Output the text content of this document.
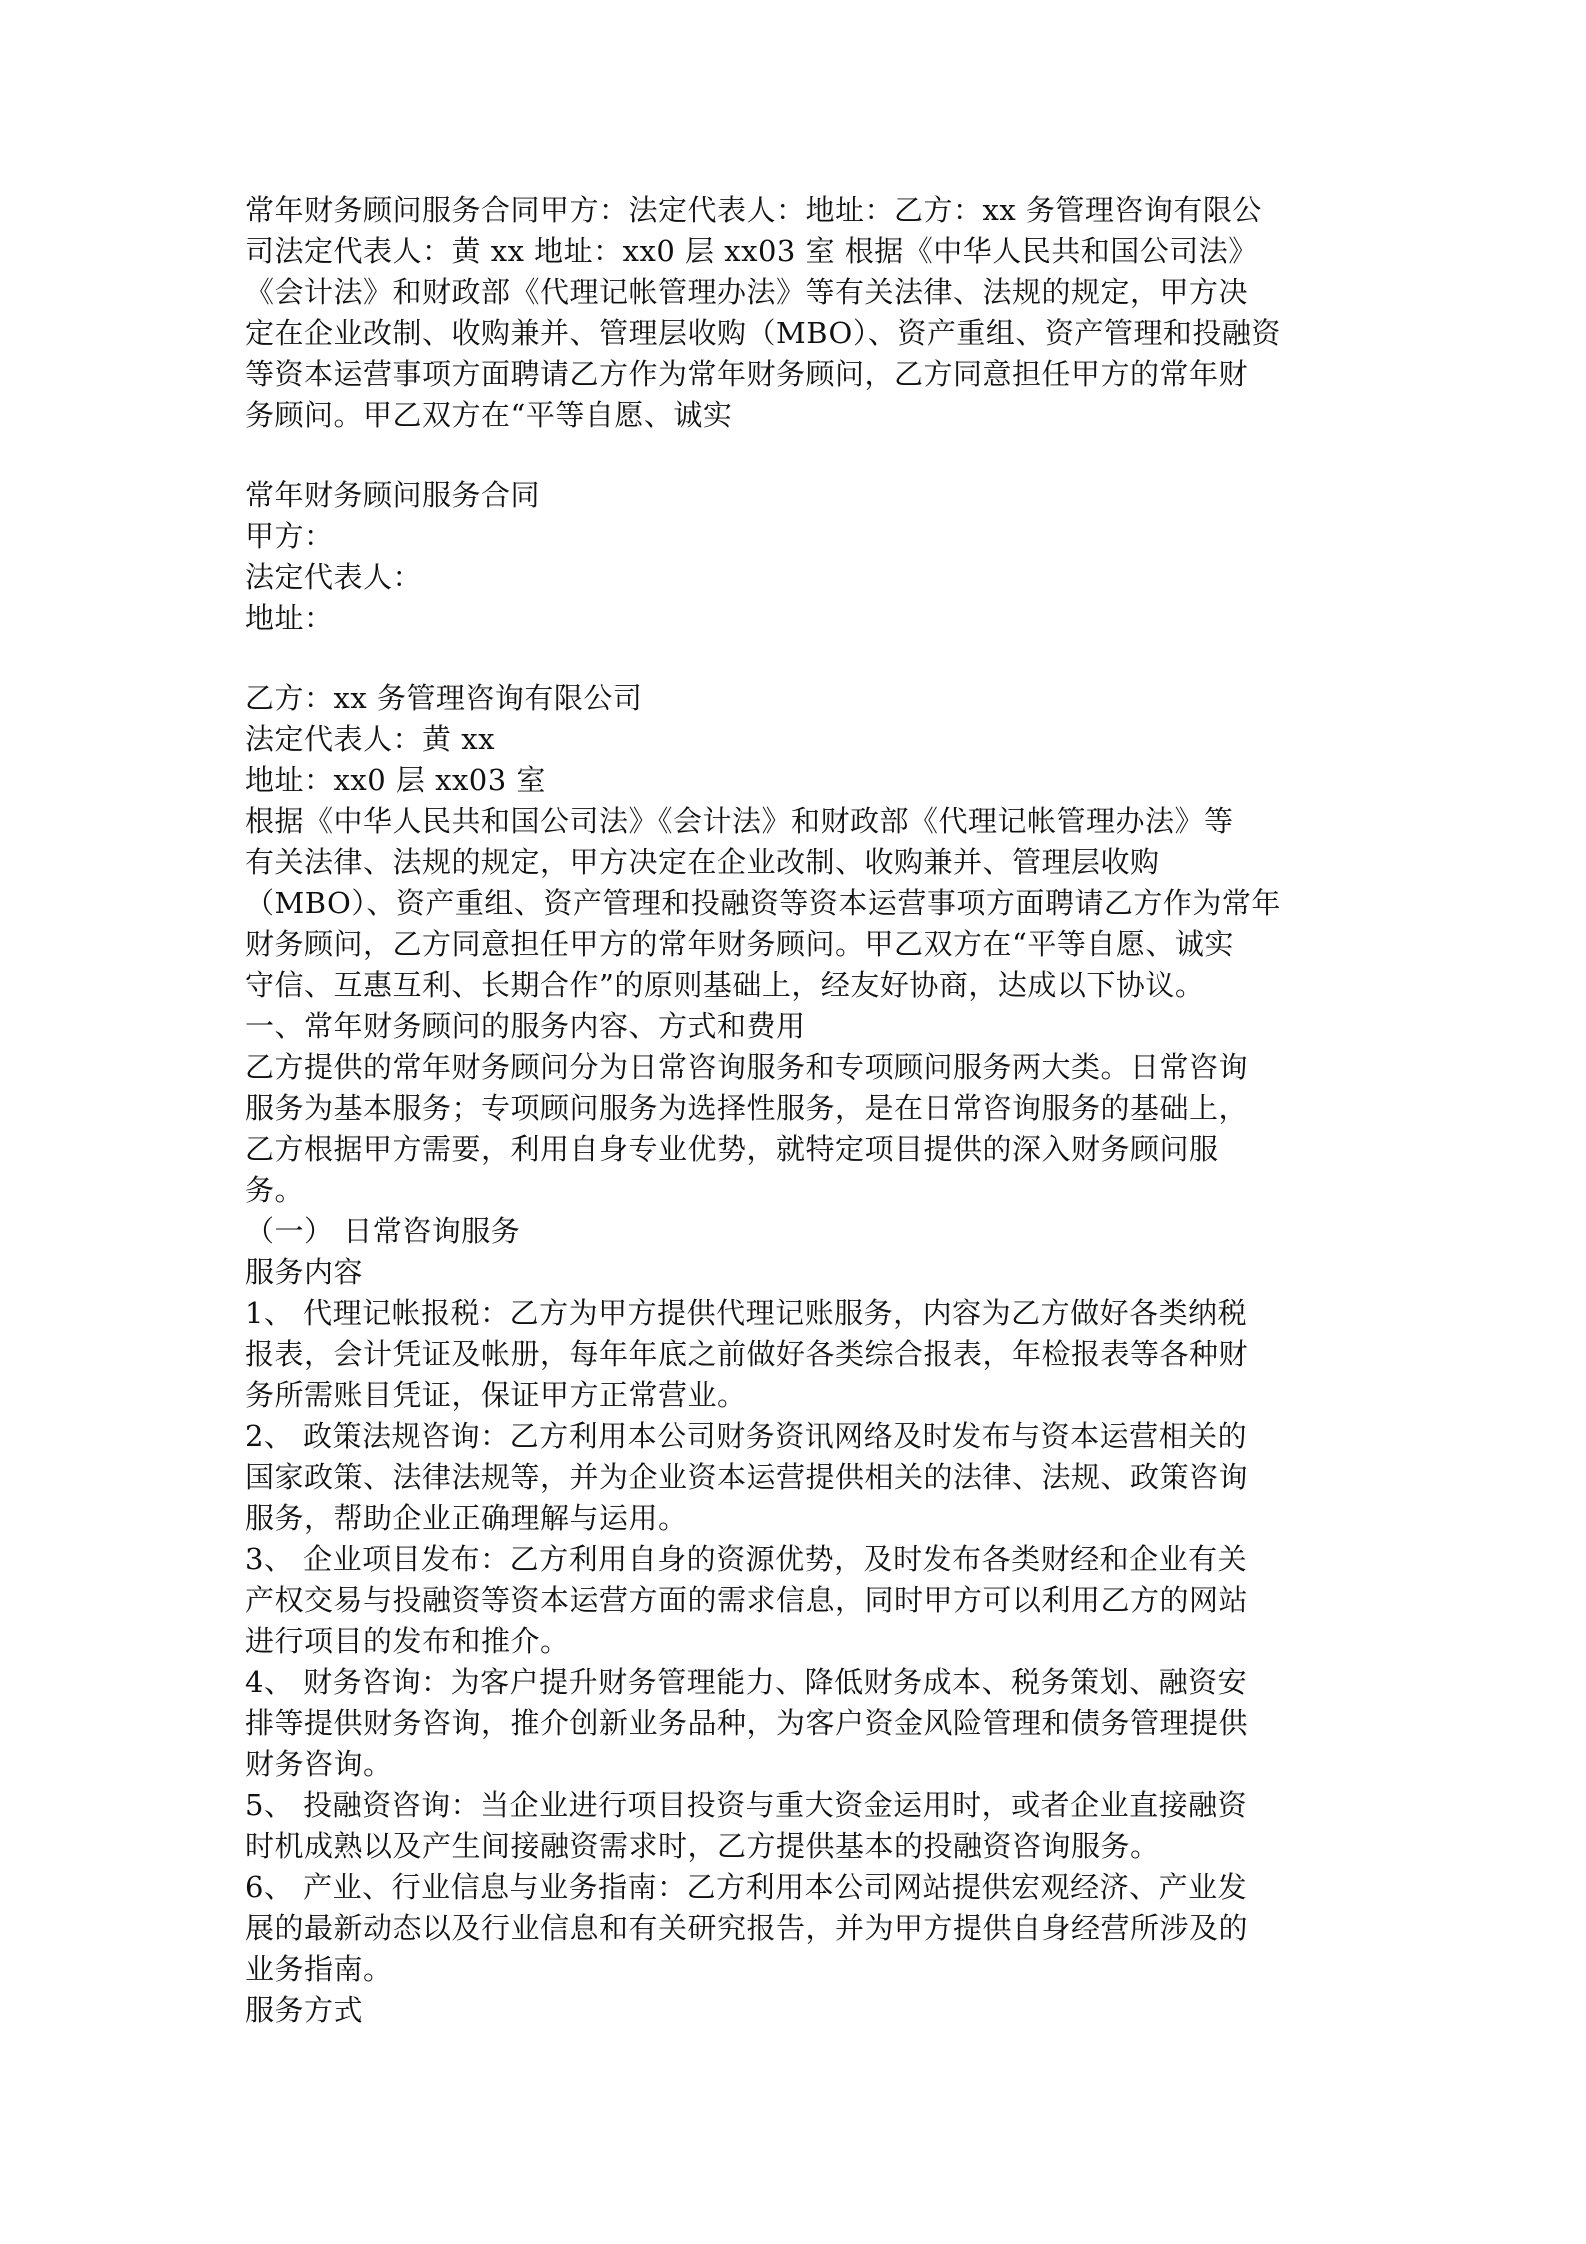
常年财务顾问服务合同甲方：法定代表人：地址：乙方：xx 务管理咨询有限公
司法定代表人：黄 xx 地址：xx0 层 xx03 室 根据《中华人民共和国公司法》
《会计法》和财政部《代理记帐管理办法》等有关法律、法规的规定，甲方决
定在企业改制、收购兼并、管理层收购（MBO）、资产重组、资产管理和投融资
等资本运营事项方面聘请乙方作为常年财务顾问，乙方同意担任甲方的常年财
务顾问。甲乙双方在“平等自愿、诚实
常年财务顾问服务合同
甲方：
法定代表人：
地址：
乙方：xx 务管理咨询有限公司
法定代表人：黄 xx
地址：xx0 层 xx03 室
根据《中华人民共和国公司法》《会计法》和财政部《代理记帐管理办法》等
有关法律、法规的规定，甲方决定在企业改制、收购兼并、管理层收购
（MBO）、资产重组、资产管理和投融资等资本运营事项方面聘请乙方作为常年
财务顾问，乙方同意担任甲方的常年财务顾问。甲乙双方在“平等自愿、诚实
守信、互惠互利、长期合作”的原则基础上，经友好协商，达成以下协议。
一、常年财务顾问的服务内容、方式和费用
乙方提供的常年财务顾问分为日常咨询服务和专项顾问服务两大类。日常咨询
服务为基本服务；专项顾问服务为选择性服务，是在日常咨询服务的基础上，
乙方根据甲方需要，利用自身专业优势，就特定项目提供的深入财务顾问服
务。
（一） 日常咨询服务
服务内容
1、 代理记帐报税：乙方为甲方提供代理记账服务，内容为乙方做好各类纳税
报表，会计凭证及帐册，每年年底之前做好各类综合报表，年检报表等各种财
务所需账目凭证，保证甲方正常营业。
2、 政策法规咨询：乙方利用本公司财务资讯网络及时发布与资本运营相关的
国家政策、法律法规等，并为企业资本运营提供相关的法律、法规、政策咨询
服务，帮助企业正确理解与运用。
3、 企业项目发布：乙方利用自身的资源优势，及时发布各类财经和企业有关
产权交易与投融资等资本运营方面的需求信息，同时甲方可以利用乙方的网站
进行项目的发布和推介。
4、 财务咨询：为客户提升财务管理能力、降低财务成本、税务策划、融资安
排等提供财务咨询，推介创新业务品种，为客户资金风险管理和债务管理提供
财务咨询。
5、 投融资咨询：当企业进行项目投资与重大资金运用时，或者企业直接融资
时机成熟以及产生间接融资需求时，乙方提供基本的投融资咨询服务。
6、 产业、行业信息与业务指南：乙方利用本公司网站提供宏观经济、产业发
展的最新动态以及行业信息和有关研究报告，并为甲方提供自身经营所涉及的
业务指南。
服务方式
